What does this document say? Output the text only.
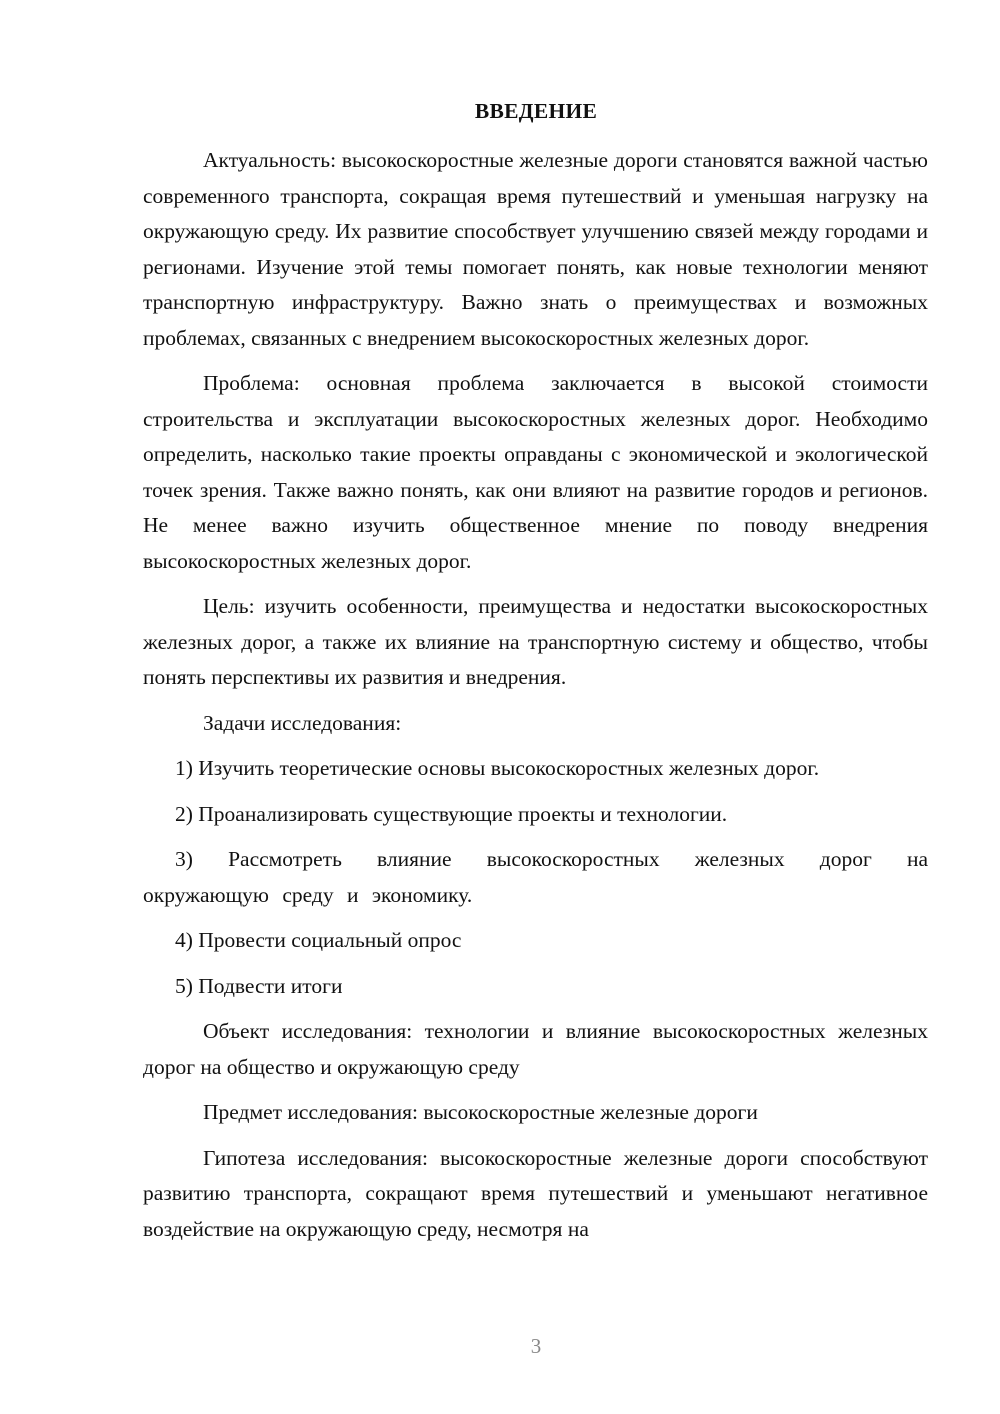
ВВЕДЕНИЕ

Актуальность: высокоскоростные железные дороги становятся важной частью современного транспорта, сокращая время путешествий и уменьшая нагрузку на окружающую среду. Их развитие способствует улучшению связей между городами и регионами. Изучение этой темы помогает понять, как новые технологии меняют транспортную инфраструктуру. Важно знать о преимуществах и возможных проблемах, связанных с внедрением высокоскоростных железных дорог.

Проблема: основная проблема заключается в высокой стоимости строительства и эксплуатации высокоскоростных железных дорог. Необходимо определить, насколько такие проекты оправданы с экономической и экологической точек зрения. Также важно понять, как они влияют на развитие городов и регионов. Не менее важно изучить общественное мнение по поводу внедрения высокоскоростных железных дорог.

Цель: изучить особенности, преимущества и недостатки высокоскоростных железных дорог, а также их влияние на транспортную систему и общество, чтобы понять перспективы их развития и внедрения.

Задачи исследования:

1) Изучить теоретические основы высокоскоростных железных дорог.

2) Проанализировать существующие проекты и технологии.

3) Рассмотреть влияние высокоскоростных железных дорог на окружающую среду и экономику.

4) Провести социальный опрос

5) Подвести итоги

Объект исследования: технологии и влияние высокоскоростных железных дорог на общество и окружающую среду

Предмет исследования: высокоскоростные железные дороги

Гипотеза исследования: высокоскоростные железные дороги способствуют развитию транспорта, сокращают время путешествий и уменьшают негативное воздействие на окружающую среду, несмотря на

3
